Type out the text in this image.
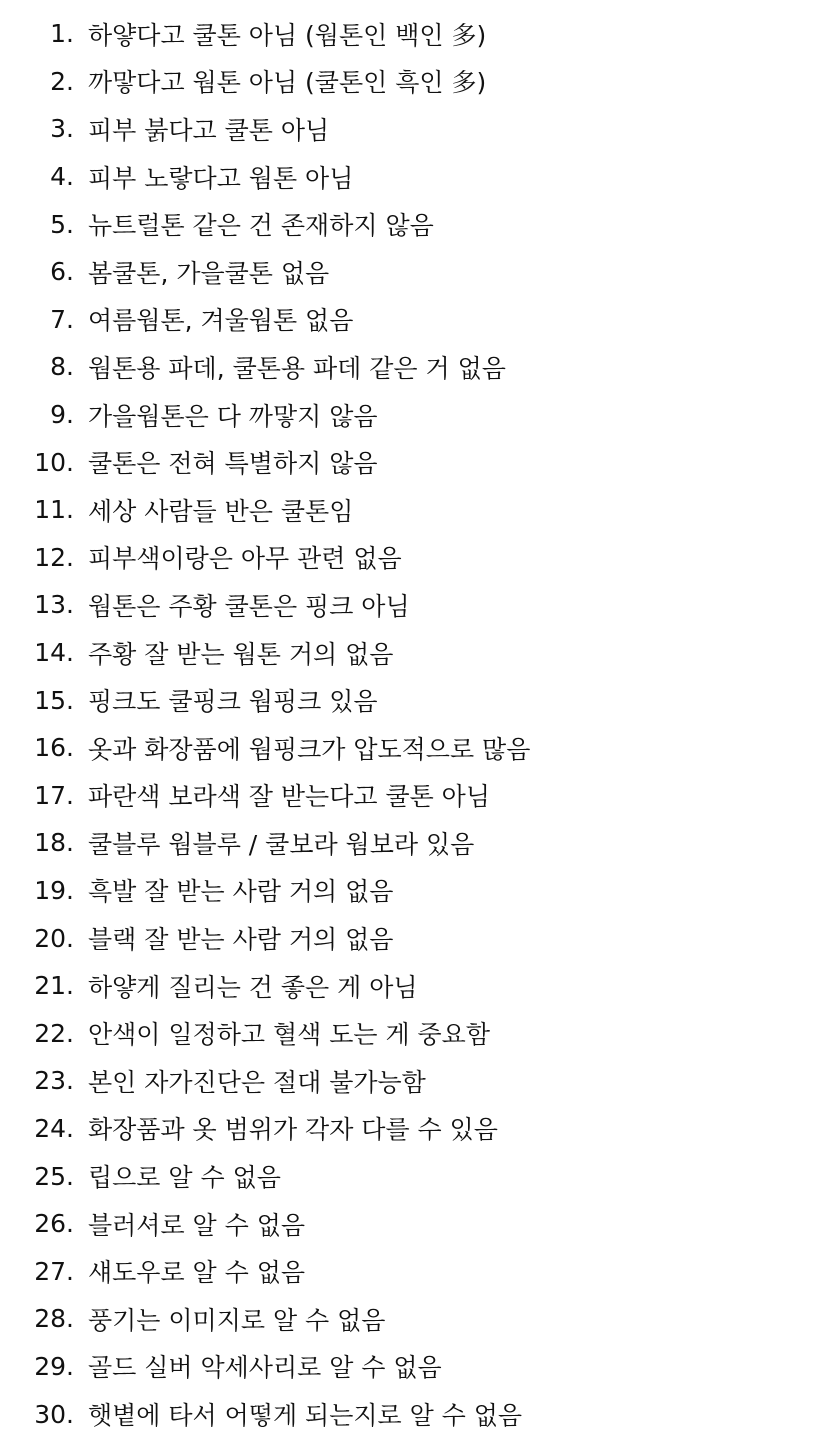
1. 하얗다고 쿨톤 아님 (웜톤인 백인 多)
2. 까맣다고 웜톤 아님 (쿨톤인 흑인 多)
3. 피부 붉다고 쿨톤 아님
4. 피부 노랗다고 웜톤 아님
5. 뉴트럴톤 같은 건 존재하지 않음
6. 봄쿨톤, 가을쿨톤 없음
7. 여름웜톤, 겨울웜톤 없음
8. 웜톤용 파데, 쿨톤용 파데 같은 거 없음
9. 가을웜톤은 다 까맣지 않음
10. 쿨톤은 전혀 특별하지 않음
11. 세상 사람들 반은 쿨톤임
12. 피부색이랑은 아무 관련 없음
13. 웜톤은 주황 쿨톤은 핑크 아님
14. 주황 잘 받는 웜톤 거의 없음
15. 핑크도 쿨핑크 웜핑크 있음
16. 옷과 화장품에 웜핑크가 압도적으로 많음
17. 파란색 보라색 잘 받는다고 쿨톤 아님
18. 쿨블루 웜블루 / 쿨보라 웜보라 있음
19. 흑발 잘 받는 사람 거의 없음
20. 블랙 잘 받는 사람 거의 없음
21. 하얗게 질리는 건 좋은 게 아님
22. 안색이 일정하고 혈색 도는 게 중요함
23. 본인 자가진단은 절대 불가능함
24. 화장품과 옷 범위가 각자 다를 수 있음
25. 립으로 알 수 없음
26. 블러셔로 알 수 없음
27. 섀도우로 알 수 없음
28. 풍기는 이미지로 알 수 없음
29. 골드 실버 악세사리로 알 수 없음
30. 햇볕에 타서 어떻게 되는지로 알 수 없음
